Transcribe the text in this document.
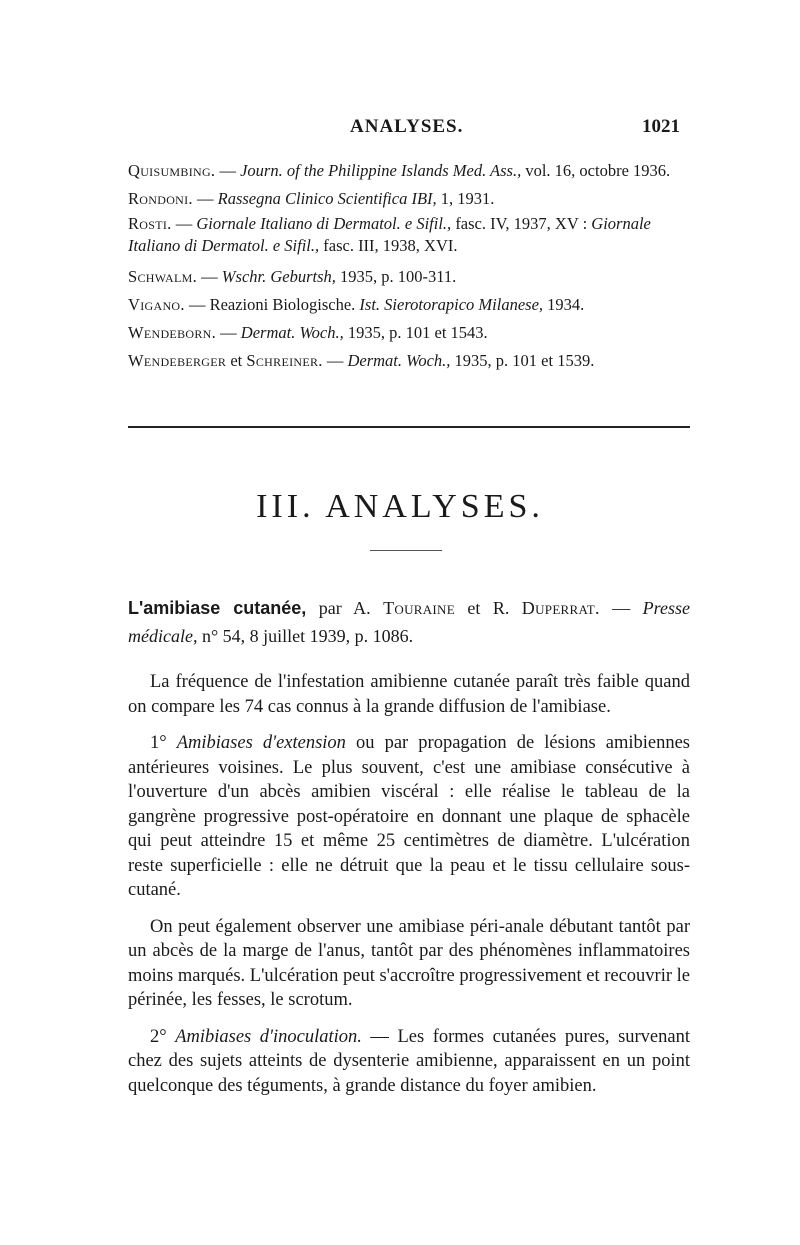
ANALYSES.	1021

Quisumbing. — Journ. of the Philippine Islands Med. Ass., vol. 16, octobre 1936.

Rondoni. — Rassegna Clinico Scientifica IBI, 1, 1931.

Rosti. — Giornale Italiano di Dermatol. e Sifil., fasc. IV, 1937, XV : Giornale Italiano di Dermatol. e Sifil., fasc. III, 1938, XVI.

Schwalm. — Wschr. Geburtsh, 1935, p. 100-311.

Vigano. — Reazioni Biologische. Ist. Sierotorapico Milanese, 1934.

Wendeborn. — Dermat. Woch., 1935, p. 101 et 1543.

Wendeberger et Schreiner. — Dermat. Woch., 1935, p. 101 et 1539.

III. ANALYSES.

L'amibiase cutanée, par A. Touraine et R. Duperrat. — Presse médicale, n° 54, 8 juillet 1939, p. 1086.

La fréquence de l'infestation amibienne cutanée paraît très faible quand on compare les 74 cas connus à la grande diffusion de l'amibiase.

1° Amibiases d'extension ou par propagation de lésions amibiennes antérieures voisines. Le plus souvent, c'est une amibiase consécutive à l'ouverture d'un abcès amibien viscéral : elle réalise le tableau de la gangrène progressive post-opératoire en donnant une plaque de sphacèle qui peut atteindre 15 et même 25 centimètres de diamètre. L'ulcération reste superficielle : elle ne détruit que la peau et le tissu cellulaire sous-cutané.

On peut également observer une amibiase péri-anale débutant tantôt par un abcès de la marge de l'anus, tantôt par des phénomènes inflammatoires moins marqués. L'ulcération peut s'accroître progressivement et recouvrir le périnée, les fesses, le scrotum.

2° Amibiases d'inoculation. — Les formes cutanées pures, survenant chez des sujets atteints de dysenterie amibienne, apparaissent en un point quelconque des téguments, à grande distance du foyer amibien.
